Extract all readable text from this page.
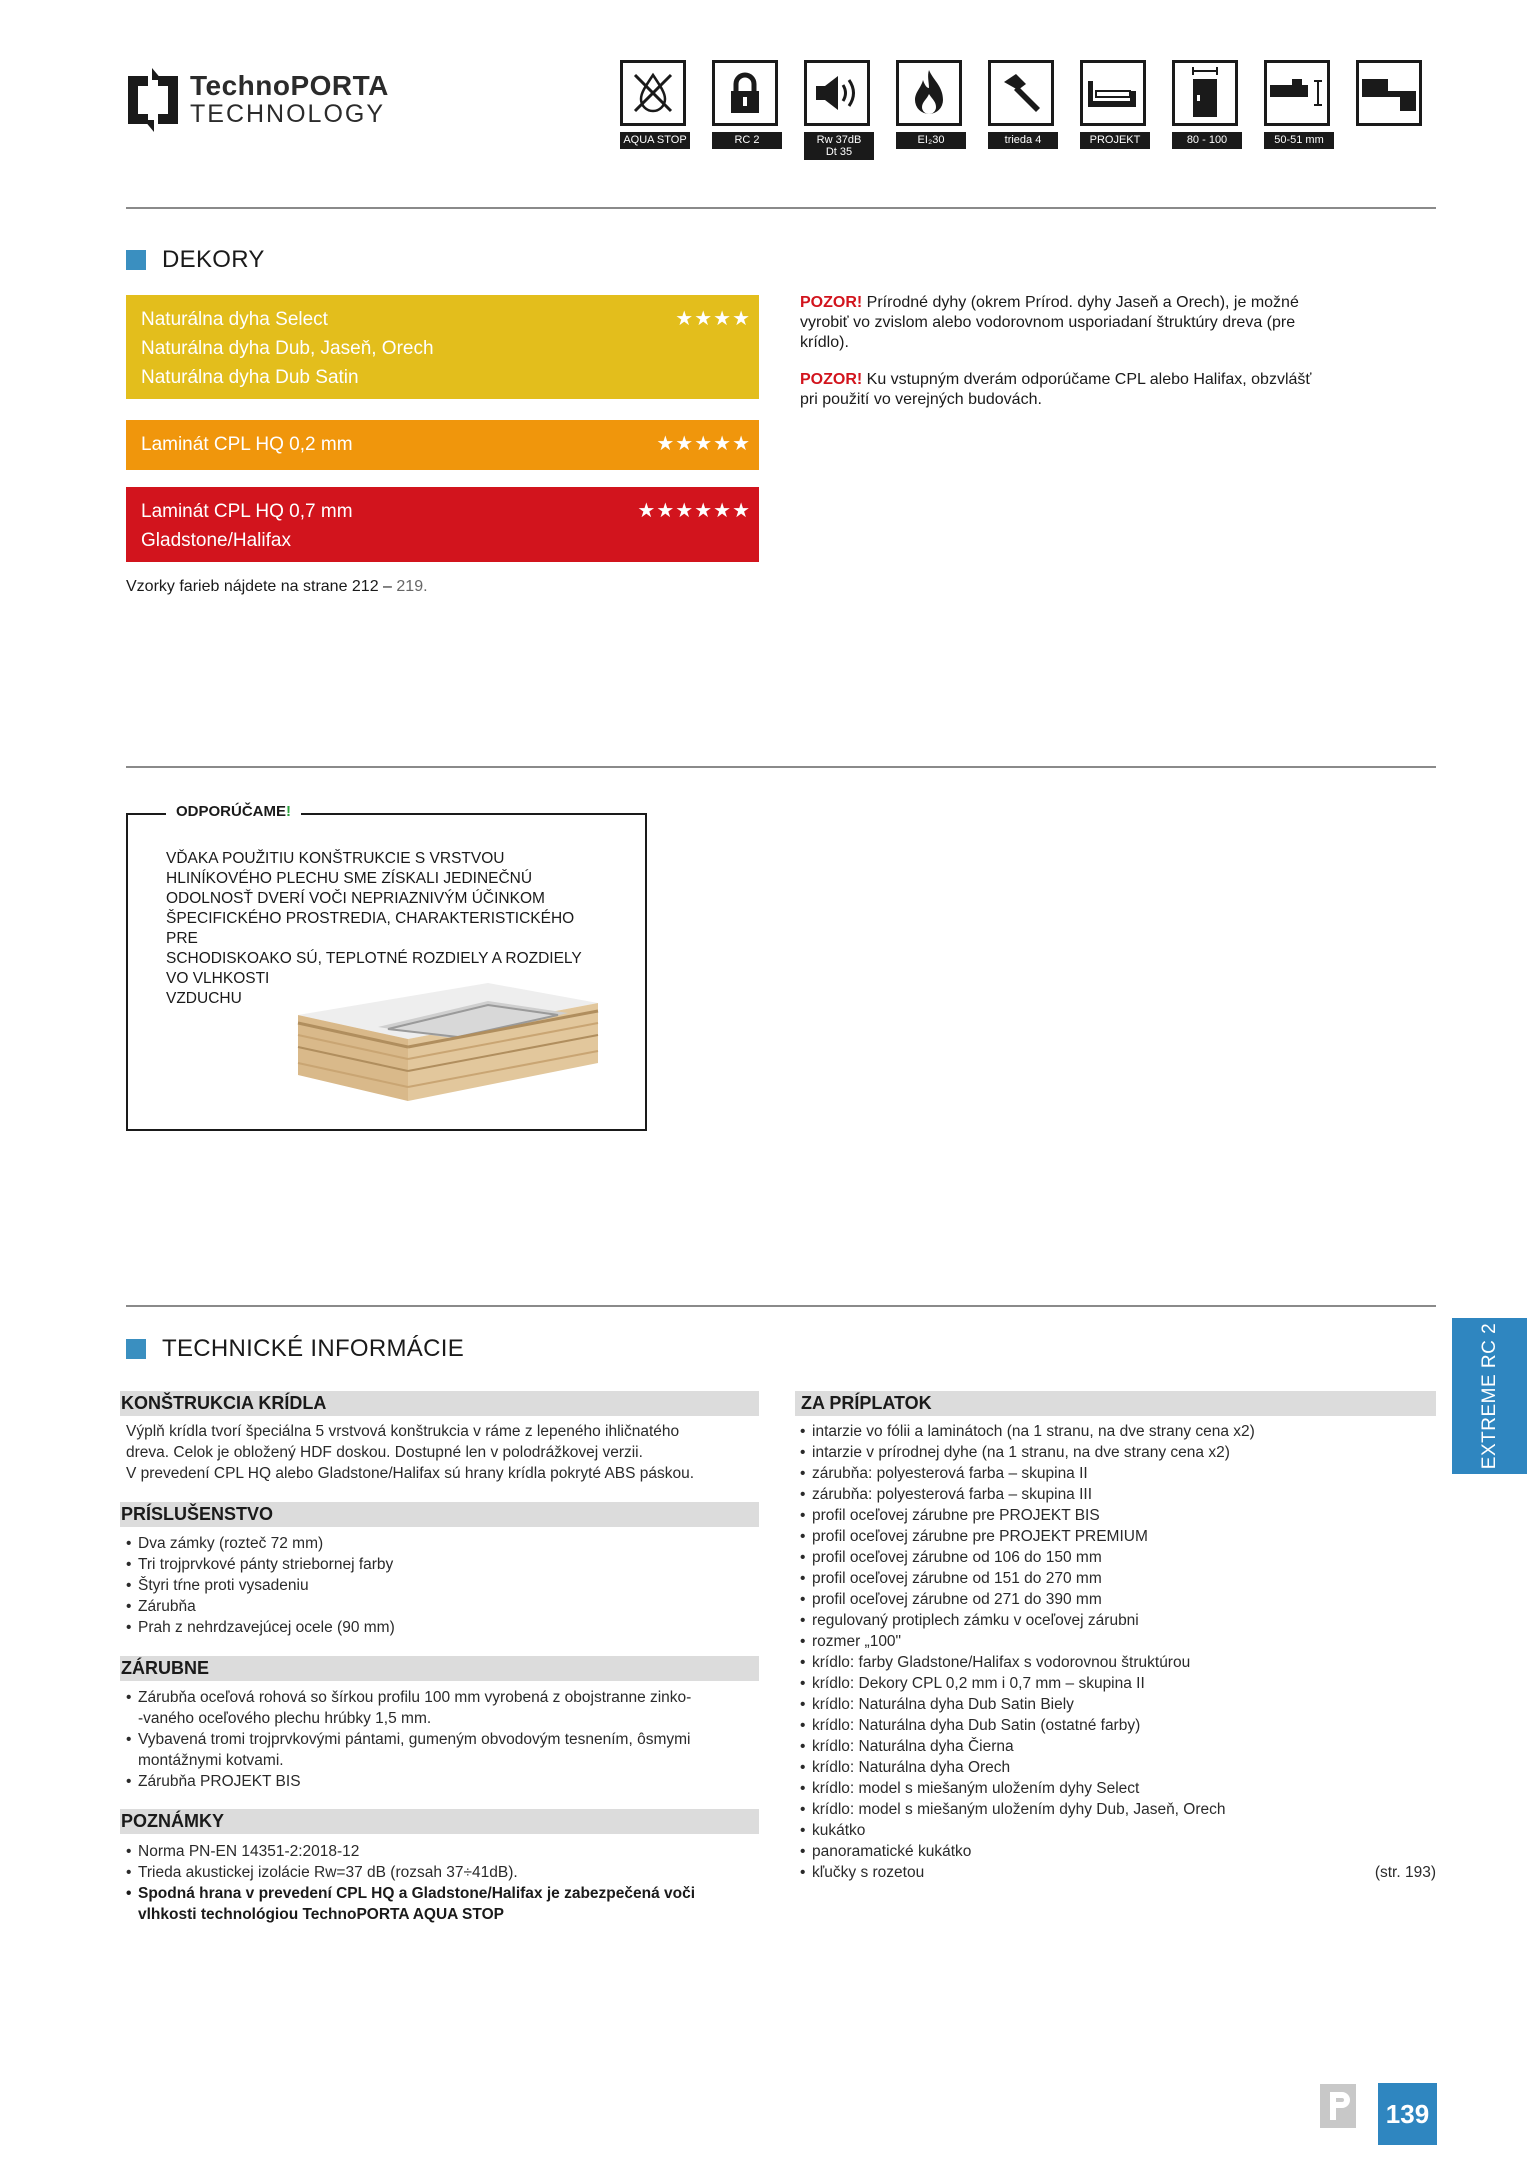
TechnoPORTA
TECHNOLOGY
AQUA STOP	RC 2	Rw 37dB
Dt 35
EI₂30	trieda 4	PROJEKT	80 - 100	50-51 mm
DEKORY
Naturálna dyha Select
Naturálna dyha Dub, Jaseň, Orech
Naturálna dyha Dub Satin
★★★★
Laminát CPL HQ 0,2 mm	★★★★★
Laminát CPL HQ 0,7 mm
Gladstone/Halifax
★★★★★★
POZOR! Prírodné dyhy (okrem Prírod. dyhy Jaseň a Orech), je možné vyrobiť vo zvislom alebo vodorovnom usporiadaní štruktúry dreva (pre krídlo).
POZOR! Ku vstupným dverám odporúčame CPL alebo Halifax, obzvlášť pri použití vo verejných budovách.
Vzorky farieb nájdete na strane 212 – 219.
ODPORÚČAME!
VĎAKA POUŽITIU KONŠTRUKCIE S VRSTVOU
HLINÍKOVÉHO PLECHU SME ZÍSKALI JEDINEČNÚ
ODOLNOSŤ DVERÍ VOČI NEPRIAZNIVÝM ÚČINKOM
ŠPECIFICKÉHO PROSTREDIA, CHARAKTERISTICKÉHO PRE
SCHODISKOAKO SÚ, TEPLOTNÉ ROZDIELY A ROZDIELY
VO VLHKOSTI
VZDUCHU
TECHNICKÉ INFORMÁCIE
KONŠTRUKCIA KRÍDLA
Výplň krídla tvorí špeciálna 5 vrstvová konštrukcia v ráme z lepeného ihličnatého
dreva. Celok je obložený HDF doskou. Dostupné len v polodrážkovej verzii.
V prevedení CPL HQ alebo Gladstone/Halifax sú hrany krídla pokryté ABS páskou.
PRÍSLUŠENSTVO
• Dva zámky (rozteč 72 mm)
• Tri trojprvkové pánty striebornej farby
• Štyri tŕne proti vysadeniu
• Zárubňa
• Prah z nehrdzavejúcej ocele (90 mm)
ZÁRUBNE
• Zárubňa oceľová rohová so šírkou profilu 100 mm vyrobená z obojstranne zinko-
-vaného oceľového plechu hrúbky 1,5 mm.
• Vybavená tromi trojprvkovými pántami, gumeným obvodovým tesnením, ôsmymi
montážnymi kotvami.
• Zárubňa PROJEKT BIS
POZNÁMKY
• Norma PN-EN 14351-2:2018-12
• Trieda akustickej izolácie Rw=37 dB (rozsah 37÷41dB).
• Spodná hrana v prevedení CPL HQ a Gladstone/Halifax je zabezpečená voči
vlhkosti technológiou TechnoPORTA AQUA STOP
ZA PRÍPLATOK
• intarzie vo fólii a laminátoch (na 1 stranu, na dve strany cena x2)
• intarzie v prírodnej dyhe (na 1 stranu, na dve strany cena x2)
• zárubňa: polyesterová farba – skupina II
• zárubňa: polyesterová farba – skupina III
• profil oceľovej zárubne pre PROJEKT BIS
• profil oceľovej zárubne pre PROJEKT PREMIUM
• profil oceľovej zárubne od 106 do 150 mm
• profil oceľovej zárubne od 151 do 270 mm
• profil oceľovej zárubne od 271 do 390 mm
• regulovaný protiplech zámku v oceľovej zárubni
• rozmer „100"
• krídlo: farby Gladstone/Halifax s vodorovnou štruktúrou
• krídlo: Dekory CPL 0,2 mm i 0,7 mm – skupina II
• krídlo: Naturálna dyha Dub Satin Biely
• krídlo: Naturálna dyha Dub Satin (ostatné farby)
• krídlo: Naturálna dyha Čierna
• krídlo: Naturálna dyha Orech
• krídlo: model s miešaným uložením dyhy Select
• krídlo: model s miešaným uložením dyhy Dub, Jaseň, Orech
• kukátko
• panoramatické kukátko
• kľučky s rozetou	(str. 193)
EXTREME RC 2
139
